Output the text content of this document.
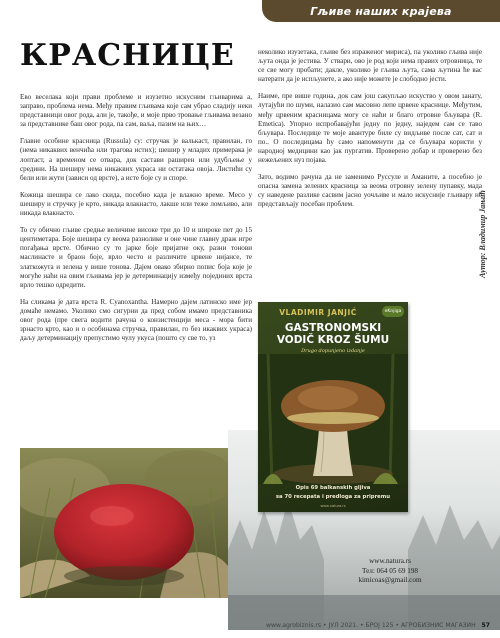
Гљиве наших крајева
КРАСНИЦЕ

Ево веселака који прави проблеме и изузетно искусним гљиварима а, заправо, проблема нема. Међу правим гљивама које сам убрао сладију неки представници овог рода, али је, такође, и моје прво тровање гљивама везано за представнике баш овог рода, па сам, ваља, пазим на њих…

Главне особине красница (Russula) су: стручак је валькаст, правилан, го (нема никаквих венчића нли трагова истих); шешир у младих примерака је лоптаст, а временом се отвара, док састави раширен или удубљење у средини. На шеширу нема никаквих украса ни остатака овоја. Листићи су бели или жути (зависи од врсте), а исте боје су и споре.

Кожица шешира се лако скида, посебно када је влажно време. Месо у шеширу и стручку је крто, никада влакнасто, лакше или теже ломљиво, али никада влакнасто.

То су обично гљиве средње величине високе три до 10 и широке пет до 15 центиметара. Боје шешира су веома разнолике и оне чине главну драж игре погађања врсте. Обично су то јарке боје пријатне оку, разни тонови маслинасте и браон боје, врло често и различите црвене нијансе, те златкожута и зелена у више тонова. Дајем овако збирно попис боја које је могуће наћи на овим гљивама јер је детерминацију између појединих врста врло тешко одредити.

На сликама је дата врста R. Cyanoxantha. Намерно дајем латинско име јер домаће немамо. Уколико смо сигурни да пред собом имамо представника овог рода (пре свега водити рачуна о конзистенцији меса - мора бити зрнасто крто, као и о особинама стручка, правилан, го без икаквих украса) даљу детерминацију препустимо чулу укуса (пошто су све то, уз

неколико изузетака, гљиве без израженог мириса), па уколико гљива није љута онда је јестива. У ствари, ово је род који нема правих отровница, те се све могу пробати; дакле, уколико је гљива љута, сама љутина ће вас натерати да је испљунете, а ако није можете је слободно јести.

Наиме, пре више година, док сам још сакупљао искуство у овом занату, лутајући по шуми, налазио сам масовно лепе црвене краснице. Међутим, међу црвеним красницама могу се наћи и благо отровне бљувара (R. Emetica). Упорно испробавајући једну по једну, наједем сам се таво бљувара. Последице те моје авантуре биле су видљиве после сат, сат и по.. О последицама ћу само напоменути да се бљувара користи у народној медицини као јак пургатив. Проверено добар и проверено без нежељених нуз појава.

Зато, водимо рачуна да не заменимо Руссуле и Аманите, а посебно је опасна замена зелених красница за веома отровну зелену пупавку, мада су наведене разлике сасвим јасно уочљиве и мало искусније гљивару не представљају посебан проблем.	Аутор: Владимир Јањић
VLADIMIR JANJIĆ	eKnjiga
GASTRONOMSKI
VODIČ KROZ ŠUMU
Drugo dopunjeno izdanje
Opis 69 balkanskih gljiva
sa 70 recepata i predloga za pripremu
www.natura.rs
www.natura.rs
Тел: 064 05 69 198
kimicoas@gmail.com
www.agrobiznis.rs • ЈУЛ 2021. • БРОЈ 125 • АГРОБИЗНИС МАГАЗИН 57
